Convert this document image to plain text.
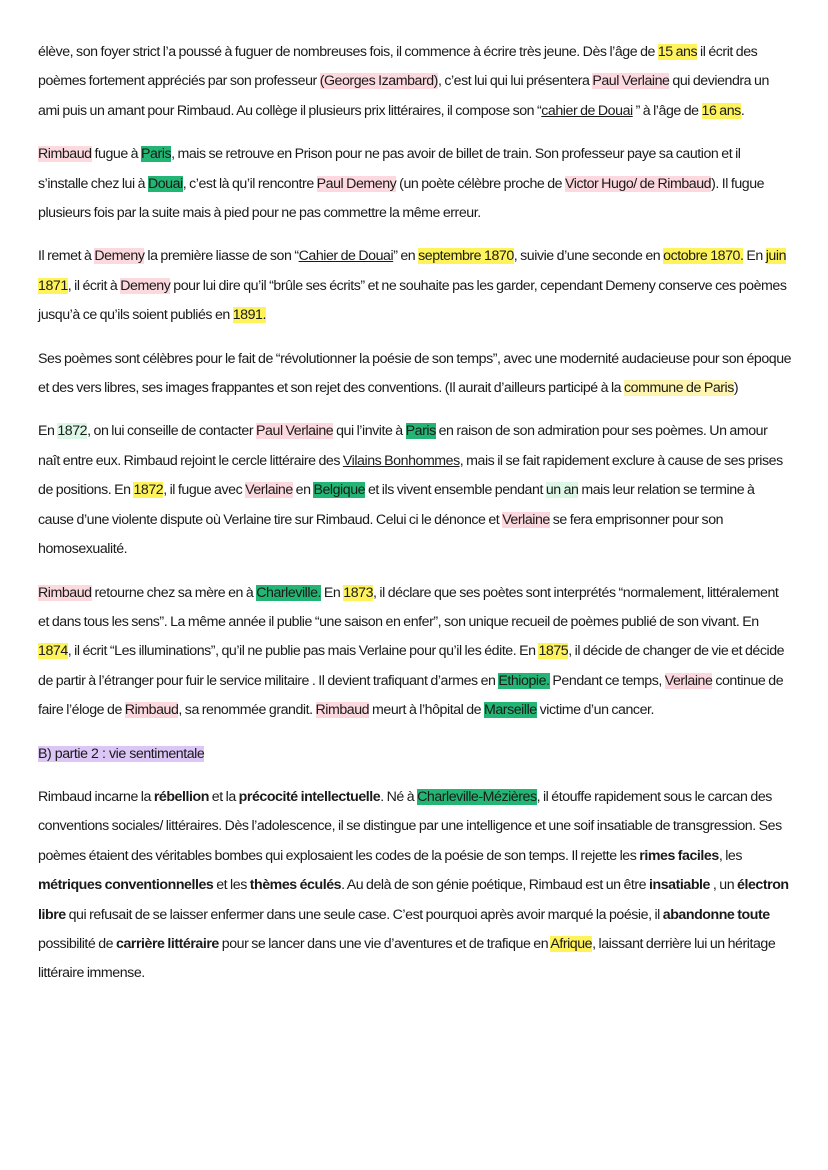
élève, son foyer strict l’a poussé à fuguer de nombreuses fois, il commence à écrire très jeune. Dès l’âge de 15 ans il écrit des poèmes fortement appréciés par son professeur (Georges Izambard), c’est lui qui lui présentera Paul Verlaine qui deviendra un ami puis un amant pour Rimbaud. Au collège il plusieurs prix littéraires, il compose son “cahier de Douai ” à l’âge de 16 ans.

Rimbaud fugue à Paris, mais se retrouve en Prison pour ne pas avoir de billet de train. Son professeur paye sa caution et il s’installe chez lui à Douai, c’est là qu’il rencontre Paul Demeny (un poète célèbre proche de Victor Hugo/ de Rimbaud). Il fugue plusieurs fois par la suite mais à pied pour ne pas commettre la même erreur.

Il remet à Demeny la première liasse de son “Cahier de Douai” en septembre 1870, suivie d’une seconde en octobre 1870. En juin 1871, il écrit à Demeny pour lui dire qu’il “brûle ses écrits” et ne souhaite pas les garder, cependant Demeny conserve ces poèmes jusqu’à ce qu’ils soient publiés en 1891.

Ses poèmes sont célèbres pour le fait de “révolutionner la poésie de son temps”, avec une modernité audacieuse pour son époque et des vers libres, ses images frappantes et son rejet des conventions. (Il aurait d’ailleurs participé à la commune de Paris)

En 1872, on lui conseille de contacter Paul Verlaine qui l’invite à Paris en raison de son admiration pour ses poèmes. Un amour naît entre eux. Rimbaud rejoint le cercle littéraire des Vilains Bonhommes, mais il se fait rapidement exclure à cause de ses prises de positions. En 1872, il fugue avec Verlaine en Belgique et ils vivent ensemble pendant un an mais leur relation se termine à cause d’une violente dispute où Verlaine tire sur Rimbaud. Celui ci le dénonce et Verlaine se fera emprisonner pour son homosexualité.

Rimbaud retourne chez sa mère en à Charleville. En 1873, il déclare que ses poètes sont interprétés “normalement, littéralement et dans tous les sens”. La même année il publie “une saison en enfer”, son unique recueil de poèmes publié de son vivant. En 1874, il écrit “Les illuminations”, qu’il ne publie pas mais Verlaine pour qu’il les édite. En 1875, il décide de changer de vie et décide de partir à l’étranger pour fuir le service militaire . Il devient trafiquant d’armes en Ethiopie. Pendant ce temps, Verlaine continue de faire l’éloge de Rimbaud, sa renommée grandit. Rimbaud meurt à l’hôpital de Marseille victime d’un cancer.

B) partie 2 : vie sentimentale

Rimbaud incarne la rébellion et la précocité intellectuelle. Né à Charleville-Mézières, il étouffe rapidement sous le carcan des conventions sociales/ littéraires. Dès l’adolescence, il se distingue par une intelligence et une soif insatiable de transgression. Ses poèmes étaient des véritables bombes qui explosaient les codes de la poésie de son temps. Il rejette les rimes faciles, les métriques conventionnelles et les thèmes éculés. Au delà de son génie poétique, Rimbaud est un être insatiable , un électron libre qui refusait de se laisser enfermer dans une seule case. C’est pourquoi après avoir marqué la poésie, il abandonne toute possibilité de carrière littéraire pour se lancer dans une vie d’aventures et de trafique en Afrique, laissant derrière lui un héritage littéraire immense.
